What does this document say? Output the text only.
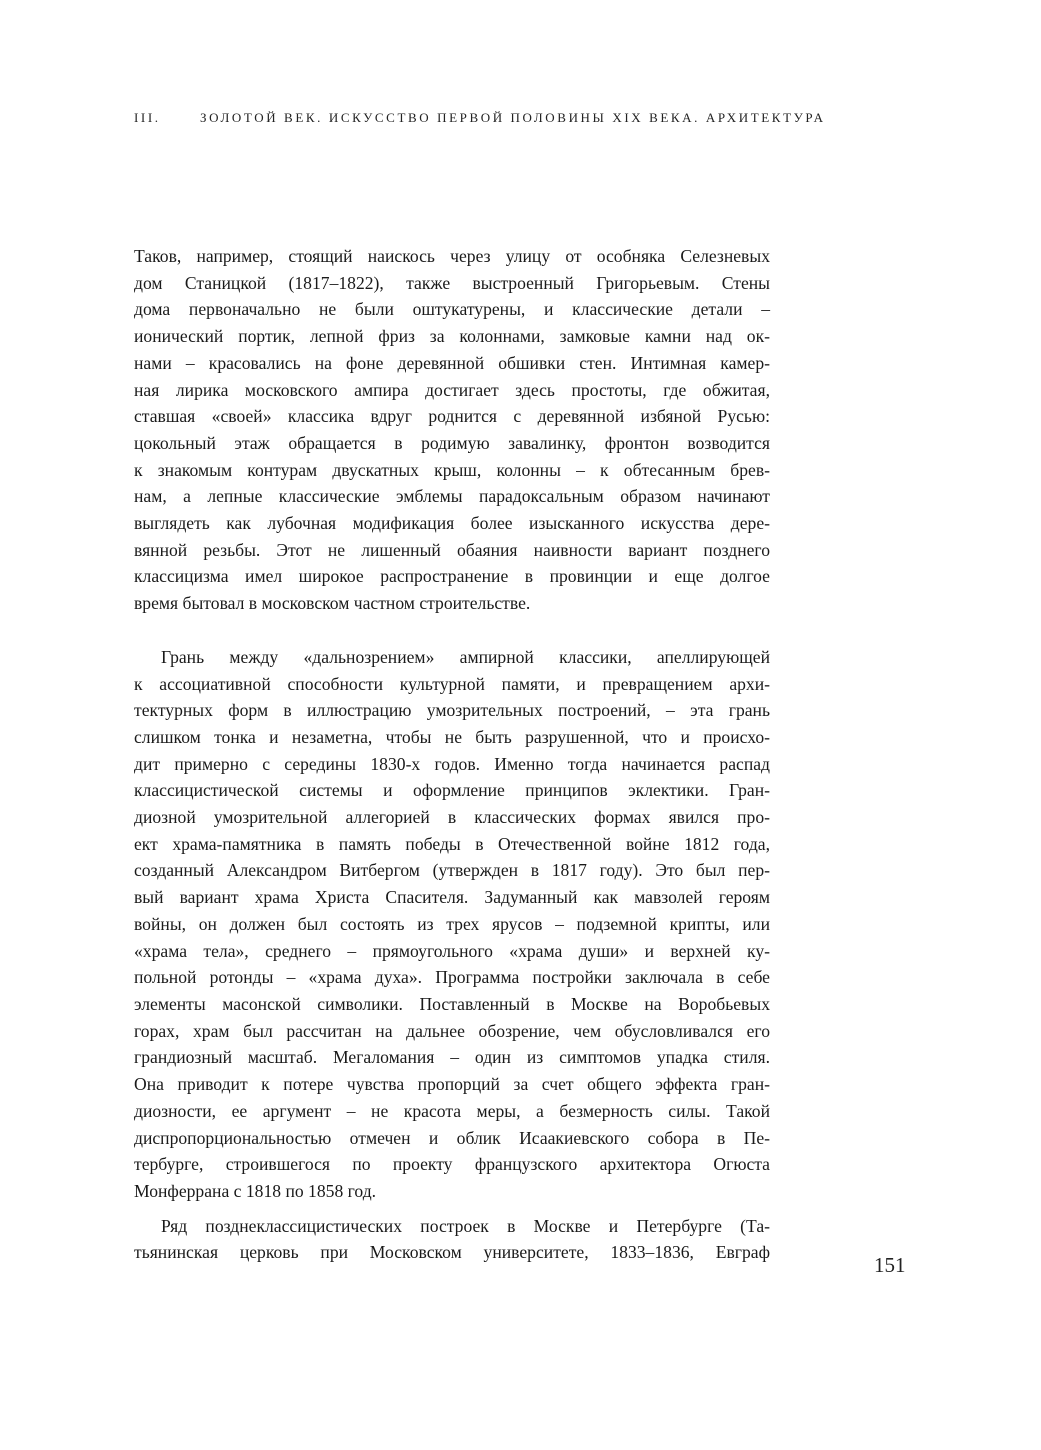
III.	ЗОЛОТОЙ ВЕК. ИСКУССТВО ПЕРВОЙ ПОЛОВИНЫ XIX ВЕКА. АРХИТЕКТУРА
Таков, например, стоящий наискось через улицу от особняка Селезневых
дом Станицкой (1817–1822), также выстроенный Григорьевым. Стены
дома первоначально не были оштукатурены, и классические детали –
ионический портик, лепной фриз за колоннами, замковые камни над ок-
нами – красовались на фоне деревянной обшивки стен. Интимная камер-
ная лирика московского ампира достигает здесь простоты, где обжитая,
ставшая «своей» классика вдруг роднится с деревянной избяной Русью:
цокольный этаж обращается в родимую завалинку, фронтон возводится
к знакомым контурам двускатных крыш, колонны – к обтесанным брев-
нам, а лепные классические эмблемы парадоксальным образом начинают
выглядеть как лубочная модификация более изысканного искусства дере-
вянной резьбы. Этот не лишенный обаяния наивности вариант позднего
классицизма имел широкое распространение в провинции и еще долгое
время бытовал в московском частном строительстве.
Грань между «дальнозрением» ампирной классики, апеллирующей
к ассоциативной способности культурной памяти, и превращением архи-
тектурных форм в иллюстрацию умозрительных построений, – эта грань
слишком тонка и незаметна, чтобы не быть разрушенной, что и происхо-
дит примерно с середины 1830-х годов. Именно тогда начинается распад
классицистической системы и оформление принципов эклектики. Гран-
диозной умозрительной аллегорией в классических формах явился про-
ект храма-памятника в память победы в Отечественной войне 1812 года,
созданный Александром Витбергом (утвержден в 1817 году). Это был пер-
вый вариант храма Христа Спасителя. Задуманный как мавзолей героям
войны, он должен был состоять из трех ярусов – подземной крипты, или
«храма тела», среднего – прямоугольного «храма души» и верхней ку-
польной ротонды – «храма духа». Программа постройки заключала в себе
элементы масонской символики. Поставленный в Москве на Воробьевых
горах, храм был рассчитан на дальнее обозрение, чем обусловливался его
грандиозный масштаб. Мегаломания – один из симптомов упадка стиля.
Она приводит к потере чувства пропорций за счет общего эффекта гран-
диозности, ее аргумент – не красота меры, а безмерность силы. Такой
диспропорциональностью отмечен и облик Исаакиевского собора в Пе-
тербурге, строившегося по проекту французского архитектора Огюста
Монферрана с 1818 по 1858 год.
Ряд позднеклассицистических построек в Москве и Петербурге (Та-
тьянинская церковь при Московском университете, 1833–1836, Евграф
151
